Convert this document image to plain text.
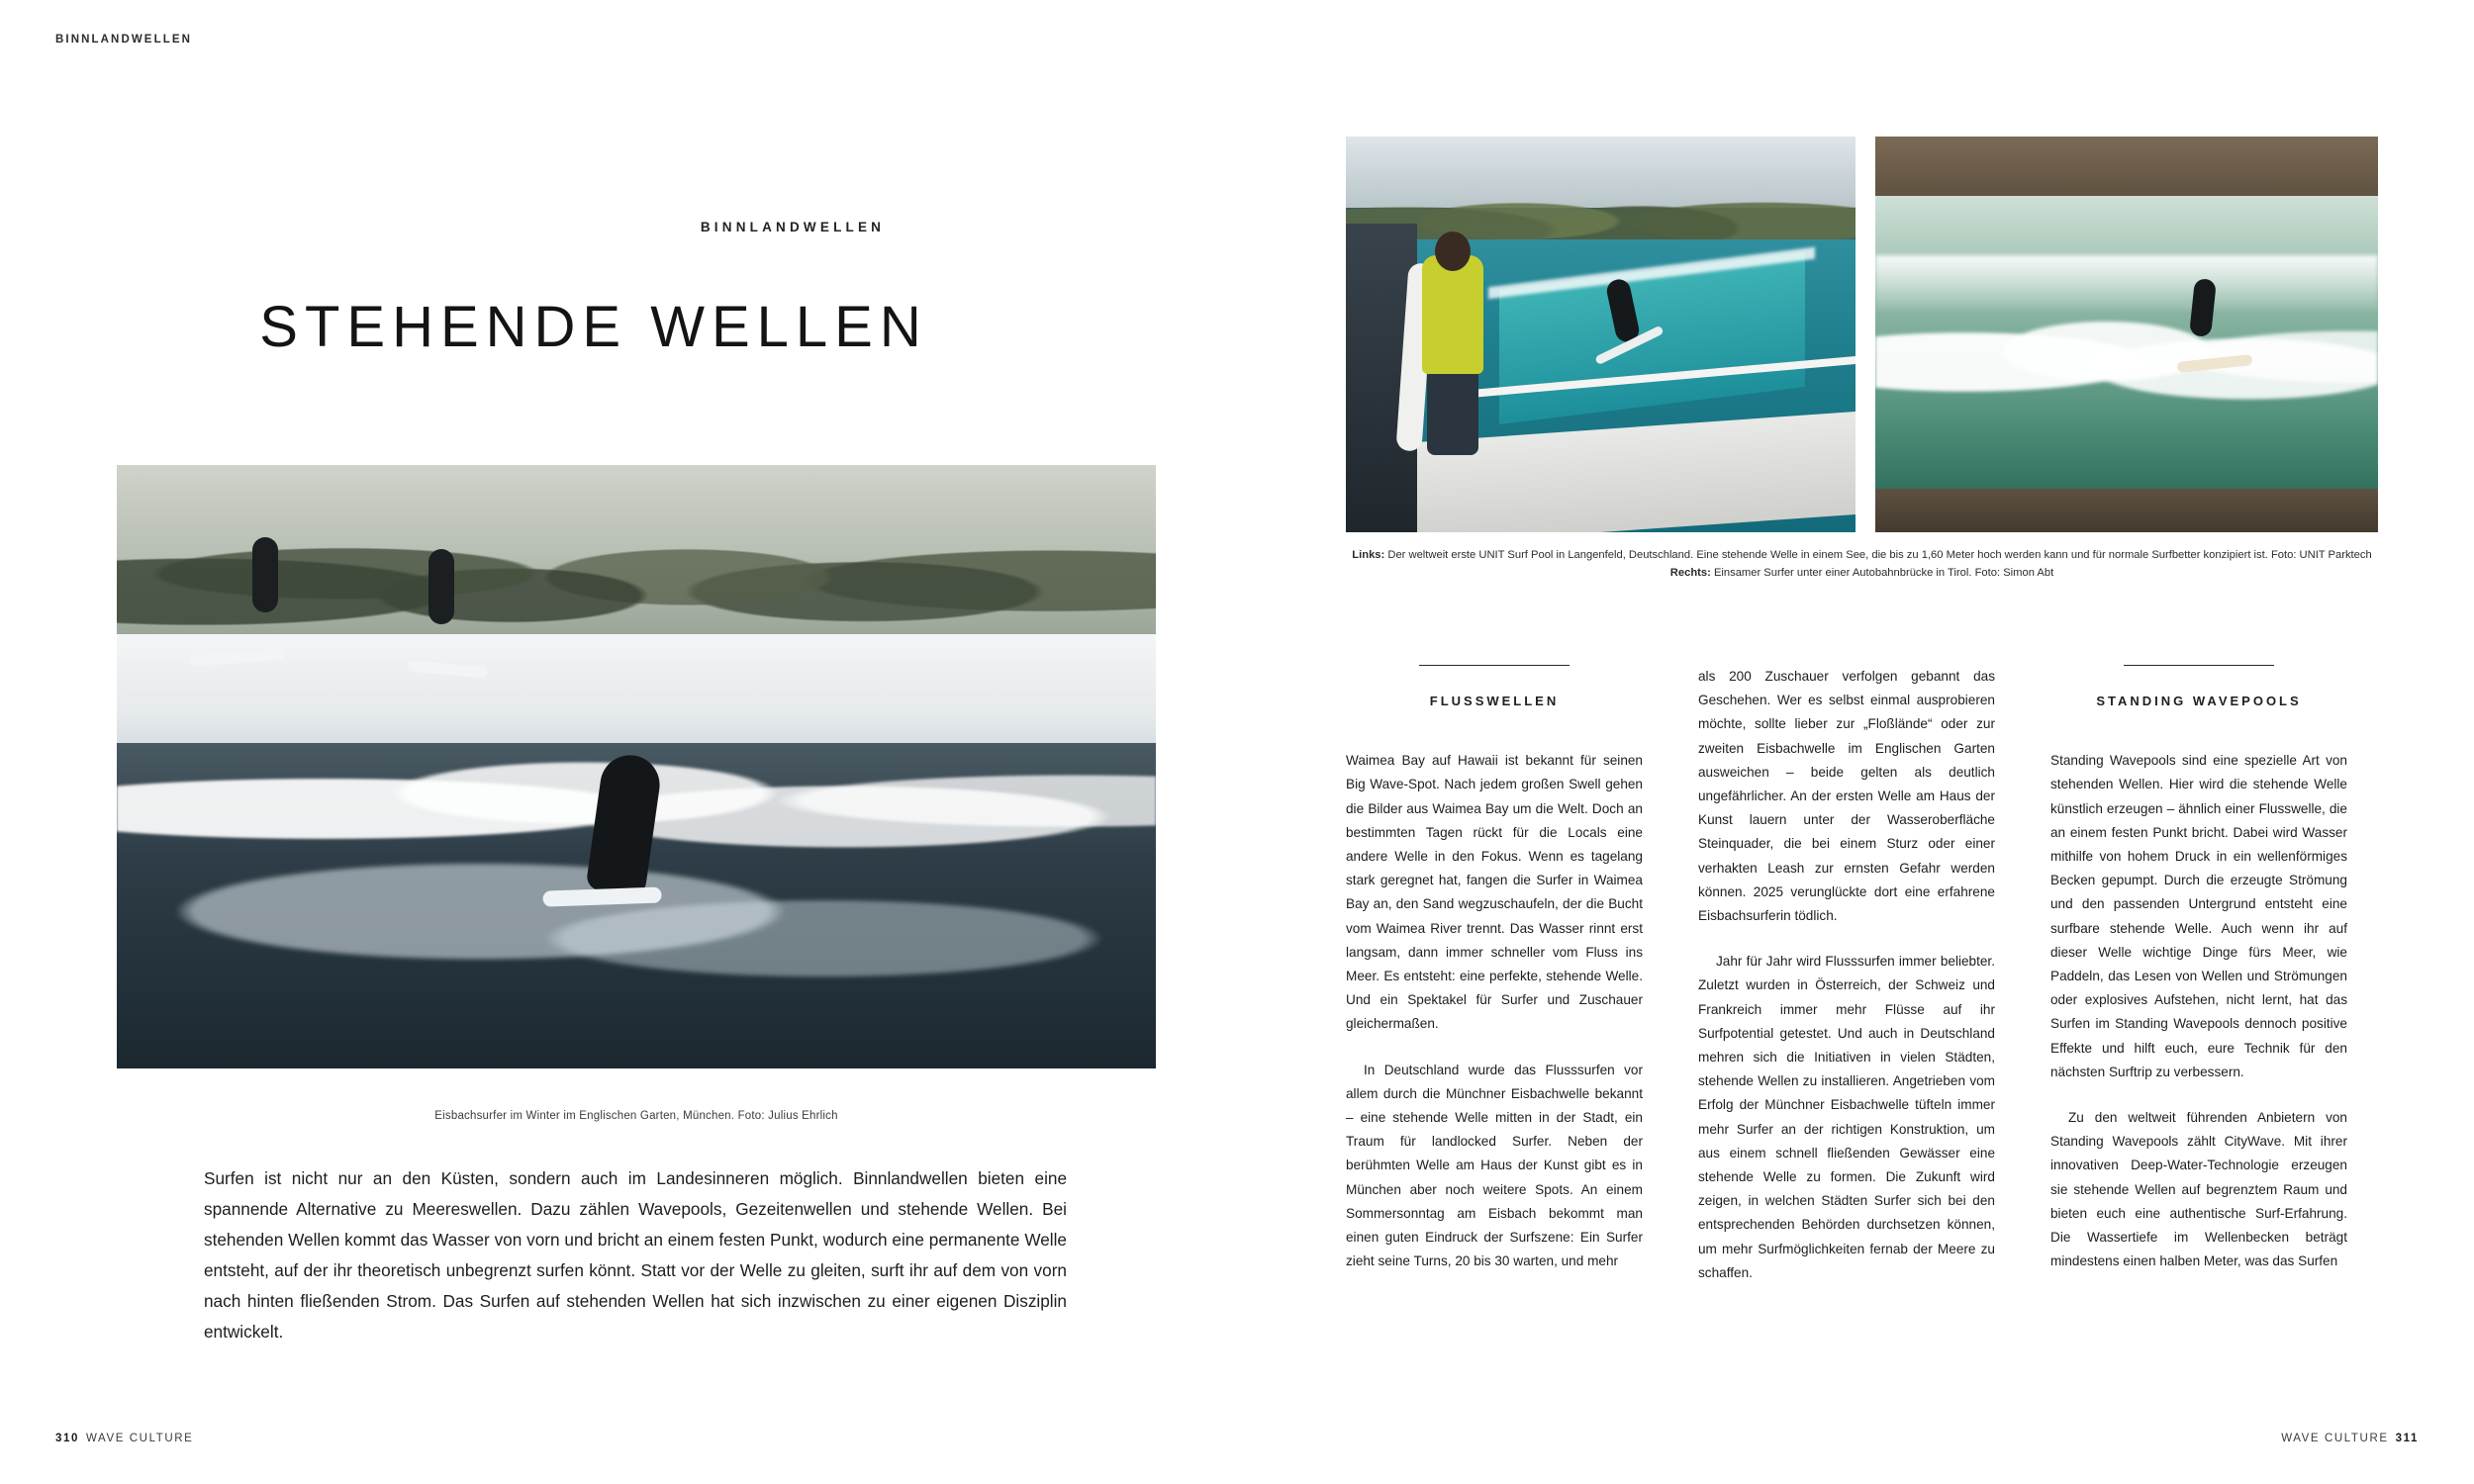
BINNLANDWELLEN
BINNLANDWELLEN
STEHENDE WELLEN
Eisbachsurfer im Winter im Englischen Garten, München. Foto: Julius Ehrlich
Surfen ist nicht nur an den Küsten, sondern auch im Landesinneren möglich. Binnlandwellen bieten eine spannende Alternative zu Meereswellen. Dazu zählen Wavepools, Gezeitenwellen und stehende Wellen. Bei stehenden Wellen kommt das Wasser von vorn und bricht an einem festen Punkt, wodurch eine permanente Welle entsteht, auf der ihr theoretisch unbegrenzt surfen könnt. Statt vor der Welle zu gleiten, surft ihr auf dem von vorn nach hinten fließenden Strom. Das Surfen auf stehenden Wellen hat sich inzwischen zu einer eigenen Disziplin entwickelt.
310 WAVE CULTURE
Links: Der weltweit erste UNIT Surf Pool in Langenfeld, Deutschland. Eine stehende Welle in einem See, die bis zu 1,60 Meter hoch werden kann und für normale Surfbetter konzipiert ist. Foto: UNIT Parktech
Rechts: Einsamer Surfer unter einer Autobahnbrücke in Tirol. Foto: Simon Abt
FLUSSWELLEN

Waimea Bay auf Hawaii ist bekannt für seinen Big Wave-Spot. Nach jedem großen Swell gehen die Bilder aus Waimea Bay um die Welt. Doch an bestimmten Tagen rückt für die Locals eine andere Welle in den Fokus. Wenn es tagelang stark geregnet hat, fangen die Surfer in Waimea Bay an, den Sand wegzuschaufeln, der die Bucht vom Waimea River trennt. Das Wasser rinnt erst langsam, dann immer schneller vom Fluss ins Meer. Es entsteht: eine perfekte, stehende Welle. Und ein Spektakel für Surfer und Zuschauer gleichermaßen.

In Deutschland wurde das Flusssurfen vor allem durch die Münchner Eisbachwelle bekannt – eine stehende Welle mitten in der Stadt, ein Traum für landlocked Surfer. Neben der berühmten Welle am Haus der Kunst gibt es in München aber noch weitere Spots. An einem Sommersonntag am Eisbach bekommt man einen guten Eindruck der Surfszene: Ein Surfer zieht seine Turns, 20 bis 30 warten, und mehr

als 200 Zuschauer verfolgen gebannt das Geschehen. Wer es selbst einmal ausprobieren möchte, sollte lieber zur „Floßlände“ oder zur zweiten Eisbachwelle im Englischen Garten ausweichen – beide gelten als deutlich ungefährlicher. An der ersten Welle am Haus der Kunst lauern unter der Wasseroberfläche Steinquader, die bei einem Sturz oder einer verhakten Leash zur ernsten Gefahr werden können. 2025 verunglückte dort eine erfahrene Eisbachsurferin tödlich.

Jahr für Jahr wird Flusssurfen immer beliebter. Zuletzt wurden in Österreich, der Schweiz und Frankreich immer mehr Flüsse auf ihr Surfpotential getestet. Und auch in Deutschland mehren sich die Initiativen in vielen Städten, stehende Wellen zu installieren. Angetrieben vom Erfolg der Münchner Eisbachwelle tüfteln immer mehr Surfer an der richtigen Konstruktion, um aus einem schnell fließenden Gewässer eine stehende Welle zu formen. Die Zukunft wird zeigen, in welchen Städten Surfer sich bei den entsprechenden Behörden durchsetzen können, um mehr Surfmöglichkeiten fernab der Meere zu schaffen.

STANDING WAVEPOOLS

Standing Wavepools sind eine spezielle Art von stehenden Wellen. Hier wird die stehende Welle künstlich erzeugen – ähnlich einer Flusswelle, die an einem festen Punkt bricht. Dabei wird Wasser mithilfe von hohem Druck in ein wellenförmiges Becken gepumpt. Durch die erzeugte Strömung und den passenden Untergrund entsteht eine surfbare stehende Welle. Auch wenn ihr auf dieser Welle wichtige Dinge fürs Meer, wie Paddeln, das Lesen von Wellen und Strömungen oder explosives Aufstehen, nicht lernt, hat das Surfen im Standing Wavepools dennoch positive Effekte und hilft euch, eure Technik für den nächsten Surftrip zu verbessern.

Zu den weltweit führenden Anbietern von Standing Wavepools zählt CityWave. Mit ihrer innovativen Deep-Water-Technologie erzeugen sie stehende Wellen auf begrenztem Raum und bieten euch eine authentische Surf-Erfahrung. Die Wassertiefe im Wellenbecken beträgt mindestens einen halben Meter, was das Surfen

WAVE CULTURE 311
